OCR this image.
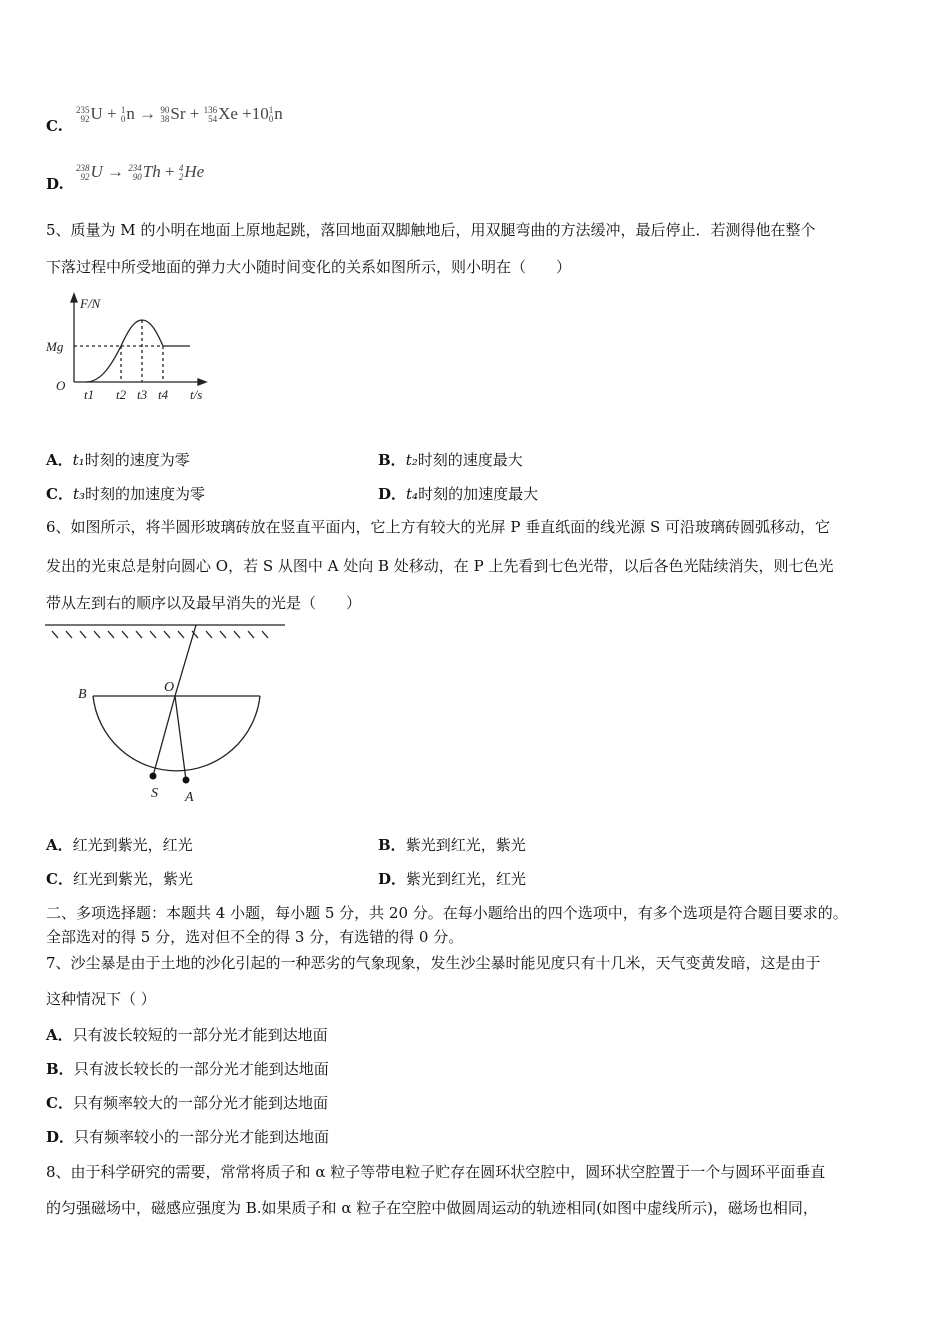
C.
235
92 U + 1
0 n → 90
38 Sr + 136
54 Xe +10 1
0 n
D.
238
92 U → 234
90 Th + 4
2 He
5、质量为 M 的小明在地面上原地起跳，落回地面双脚触地后，用双腿弯曲的方法缓冲，最后停止．若测得他在整个
下落过程中所受地面的弹力大小随时间变化的关系如图所示，则小明在（　　）
F/N
Mg
O
t1 t2 t3 t4 t/s
A．t₁时刻的速度为零	B．t₂时刻的速度最大
C．t₃时刻的加速度为零	D．t₄时刻的加速度最大
6、如图所示，将半圆形玻璃砖放在竖直平面内，它上方有较大的光屏 P 垂直纸面的线光源 S 可沿玻璃砖圆弧移动，它
发出的光束总是射向圆心 O，若 S 从图中 A 处向 B 处移动，在 P 上先看到七色光带，以后各色光陆续消失，则七色光
带从左到右的顺序以及最早消失的光是（　　）
B	O
S A
A．红光到紫光，红光	B．紫光到红光，紫光
C．红光到紫光，紫光	D．紫光到红光，红光
二、多项选择题：本题共 4 小题，每小题 5 分，共 20 分。在每小题给出的四个选项中，有多个选项是符合题目要求的。
全部选对的得 5 分，选对但不全的得 3 分，有选错的得 0 分。
7、沙尘暴是由于土地的沙化引起的一种恶劣的气象现象，发生沙尘暴时能见度只有十几米，天气变黄发暗，这是由于
这种情况下（ ）
A．只有波长较短的一部分光才能到达地面
B．只有波长较长的一部分光才能到达地面
C．只有频率较大的一部分光才能到达地面
D．只有频率较小的一部分光才能到达地面
8、由于科学研究的需要，常常将质子和 α 粒子等带电粒子贮存在圆环状空腔中，圆环状空腔置于一个与圆环平面垂直
的匀强磁场中，磁感应强度为 B.如果质子和 α 粒子在空腔中做圆周运动的轨迹相同(如图中虚线所示)，磁场也相同，
